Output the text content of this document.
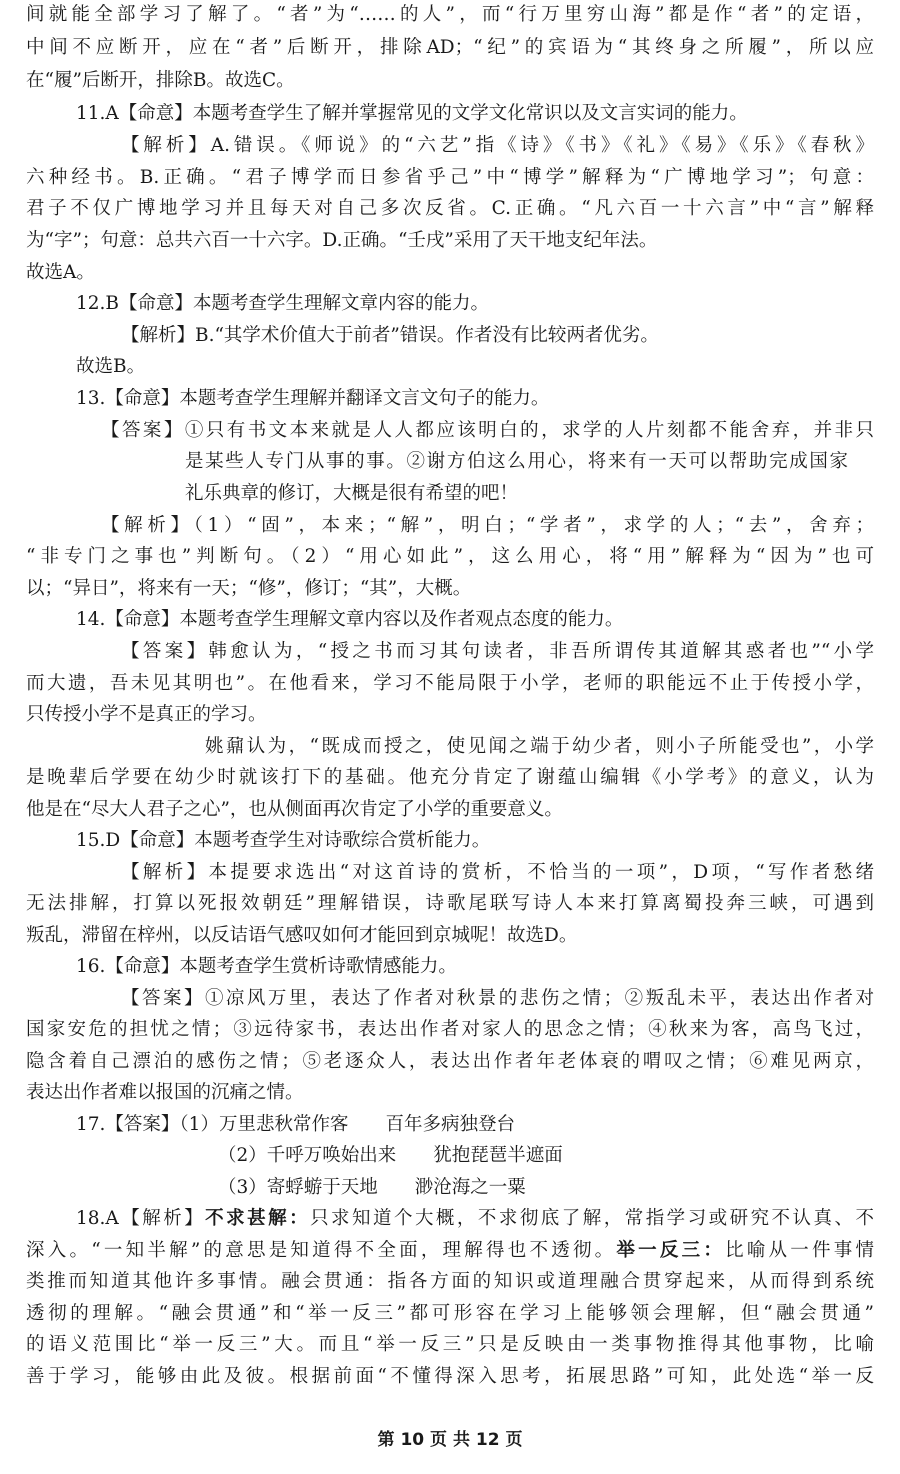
间就能全部学习了解了。“者”为“……的人”，而“行万里穷山海”都是作“者”的定语，
中间不应断开，应在“者”后断开，排除AD；“纪”的宾语为“其终身之所履”，所以应
在“履”后断开，排除B。故选C。
11.A【命意】本题考查学生了解并掌握常见的文学文化常识以及文言实词的能力。
【解析】A.错误。《师说》的“六艺”指《诗》《书》《礼》《易》《乐》《春秋》
六种经书。B.正确。“君子博学而日参省乎己”中“博学”解释为“广博地学习”；句意：
君子不仅广博地学习并且每天对自己多次反省。C.正确。“凡六百一十六言”中“言”解释
为“字”；句意：总共六百一十六字。D.正确。“壬戌”采用了天干地支纪年法。
故选A。
12.B【命意】本题考查学生理解文章内容的能力。
【解析】B.“其学术价值大于前者”错误。作者没有比较两者优劣。
故选B。
13.【命意】本题考查学生理解并翻译文言文句子的能力。
【答案】①只有书文本来就是人人都应该明白的，求学的人片刻都不能舍弃，并非只
是某些人专门从事的事。②谢方伯这么用心，将来有一天可以帮助完成国家
礼乐典章的修订，大概是很有希望的吧！
【解析】（1）“固”，本来；“解”，明白；“学者”，求学的人；“去”，舍弃；
“非专门之事也”判断句。（2）“用心如此”，这么用心，将“用”解释为“因为”也可
以；“异日”，将来有一天；“修”，修订；“其”，大概。
14.【命意】本题考查学生理解文章内容以及作者观点态度的能力。
【答案】韩愈认为，“授之书而习其句读者，非吾所谓传其道解其惑者也”“小学
而大遗，吾未见其明也”。在他看来，学习不能局限于小学，老师的职能远不止于传授小学，
只传授小学不是真正的学习。
姚鼐认为，“既成而授之，使见闻之端于幼少者，则小子所能受也”，小学
是晚辈后学要在幼少时就该打下的基础。他充分肯定了谢蕴山编辑《小学考》的意义，认为
他是在“尽大人君子之心”，也从侧面再次肯定了小学的重要意义。
15.D【命意】本题考查学生对诗歌综合赏析能力。
【解析】本提要求选出“对这首诗的赏析，不恰当的一项”，D项，“写作者愁绪
无法排解，打算以死报效朝廷”理解错误，诗歌尾联写诗人本来打算离蜀投奔三峡，可遇到
叛乱，滞留在梓州，以反诘语气感叹如何才能回到京城呢！故选D。
16.【命意】本题考查学生赏析诗歌情感能力。
【答案】①凉风万里，表达了作者对秋景的悲伤之情；②叛乱未平，表达出作者对
国家安危的担忧之情；③远待家书，表达出作者对家人的思念之情；④秋来为客，高鸟飞过，
隐含着自己漂泊的感伤之情；⑤老逐众人，表达出作者年老体衰的喟叹之情；⑥难见两京，
表达出作者难以报国的沉痛之情。
17.【答案】（1）万里悲秋常作客　　百年多病独登台
（2）千呼万唤始出来　　犹抱琵琶半遮面
（3）寄蜉蝣于天地　　渺沧海之一粟
18.A【解析】不求甚解：只求知道个大概，不求彻底了解，常指学习或研究不认真、不
深入。“一知半解”的意思是知道得不全面，理解得也不透彻。举一反三：比喻从一件事情
类推而知道其他许多事情。融会贯通：指各方面的知识或道理融合贯穿起来，从而得到系统
透彻的理解。“融会贯通”和“举一反三”都可形容在学习上能够领会理解，但“融会贯通”
的语义范围比“举一反三”大。而且“举一反三”只是反映由一类事物推得其他事物，比喻
善于学习，能够由此及彼。根据前面“不懂得深入思考，拓展思路”可知，此处选“举一反
第 10 页 共 12 页
